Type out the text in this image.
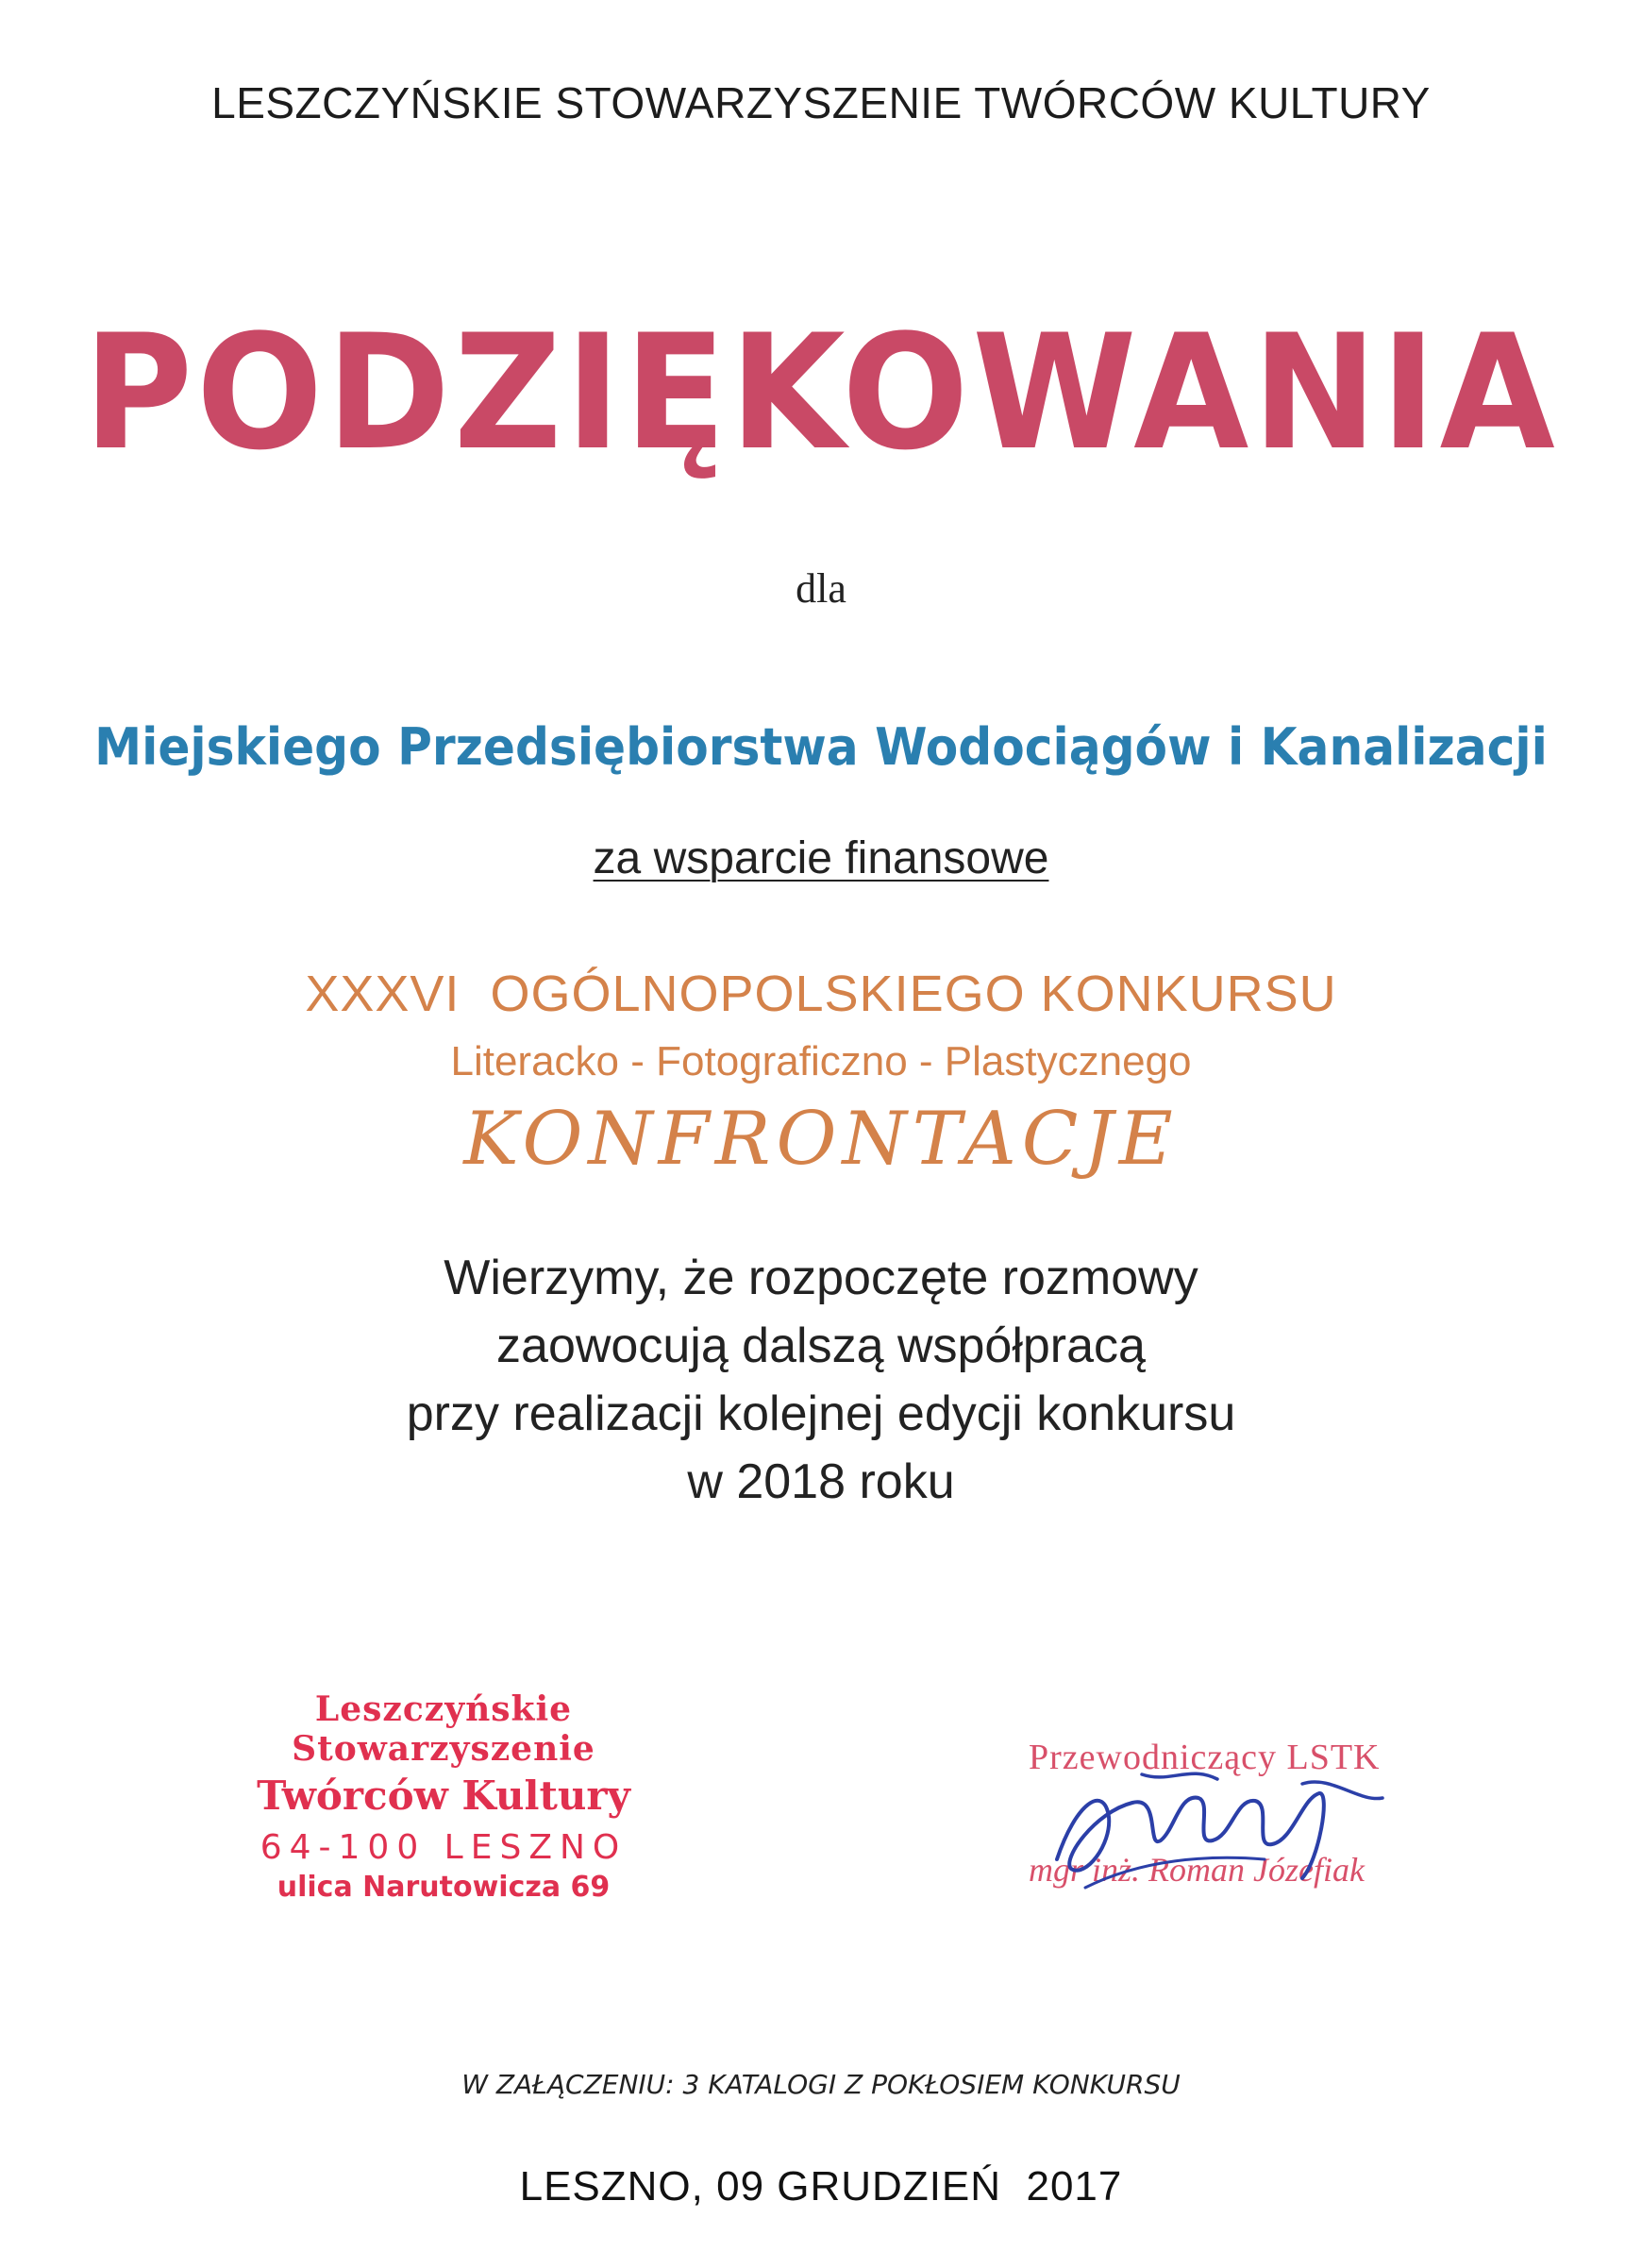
LESZCZYŃSKIE STOWARZYSZENIE TWÓRCÓW KULTURY
PODZIĘKOWANIA
dla
Miejskiego Przedsiębiorstwa Wodociągów i Kanalizacji
za wsparcie finansowe
XXXVI  OGÓLNOPOLSKIEGO KONKURSU
Literacko - Fotograficzno - Plastycznego
KONFRONTACJE
Wierzymy, że rozpoczęte rozmowy
zaowocują dalszą współpracą
przy realizacji kolejnej edycji konkursu
w 2018 roku
Leszczyńskie Stowarzyszenie
Twórców Kultury
64-100 LESZNO
ulica Narutowicza 69
Przewodniczący LSTK
mgr inż. Roman Józefiak
W ZAŁĄCZENIU: 3 KATALOGI Z POKŁOSIEM KONKURSU
LESZNO, 09 GRUDZIEŃ  2017
